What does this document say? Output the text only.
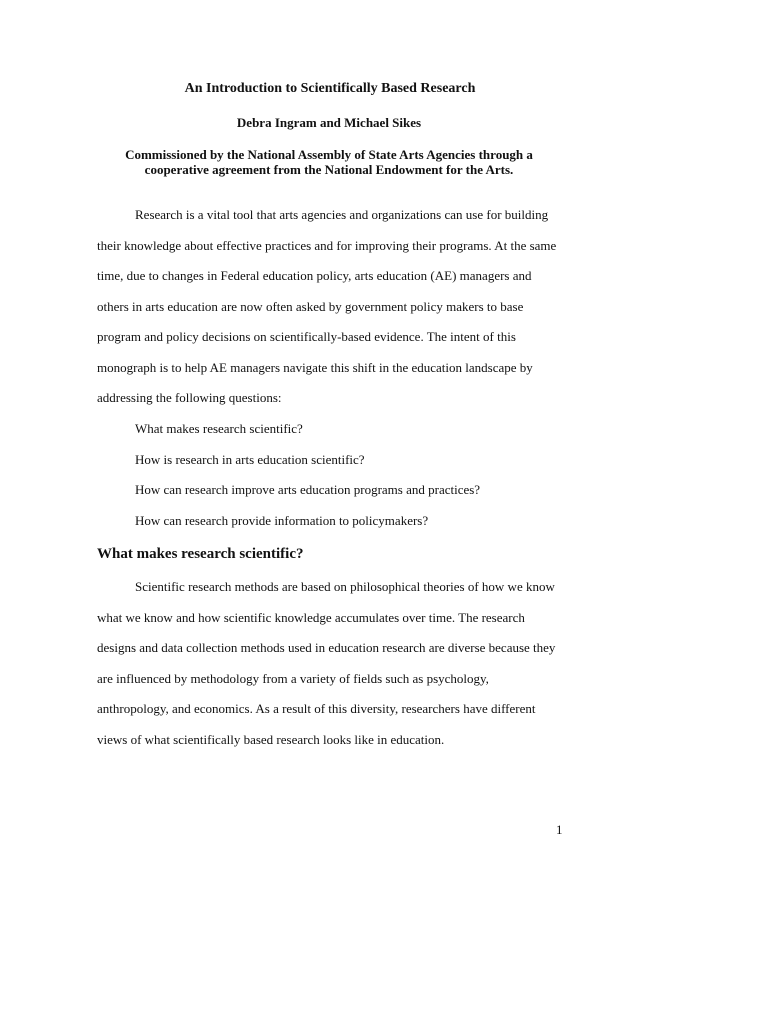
An Introduction to Scientifically Based Research
Debra Ingram and Michael Sikes
Commissioned by the National Assembly of State Arts Agencies through a
cooperative agreement from the National Endowment for the Arts.
Research is a vital tool that arts agencies and organizations can use for building
their knowledge about effective practices and for improving their programs. At the same
time, due to changes in Federal education policy, arts education (AE) managers and
others in arts education are now often asked by government policy makers to base
program and policy decisions on scientifically-based evidence. The intent of this
monograph is to help AE managers navigate this shift in the education landscape by
addressing the following questions:
What makes research scientific?
How is research in arts education scientific?
How can research improve arts education programs and practices?
How can research provide information to policymakers?
What makes research scientific?
Scientific research methods are based on philosophical theories of how we know
what we know and how scientific knowledge accumulates over time. The research
designs and data collection methods used in education research are diverse because they
are influenced by methodology from a variety of fields such as psychology,
anthropology, and economics. As a result of this diversity, researchers have different
views of what scientifically based research looks like in education.
1
